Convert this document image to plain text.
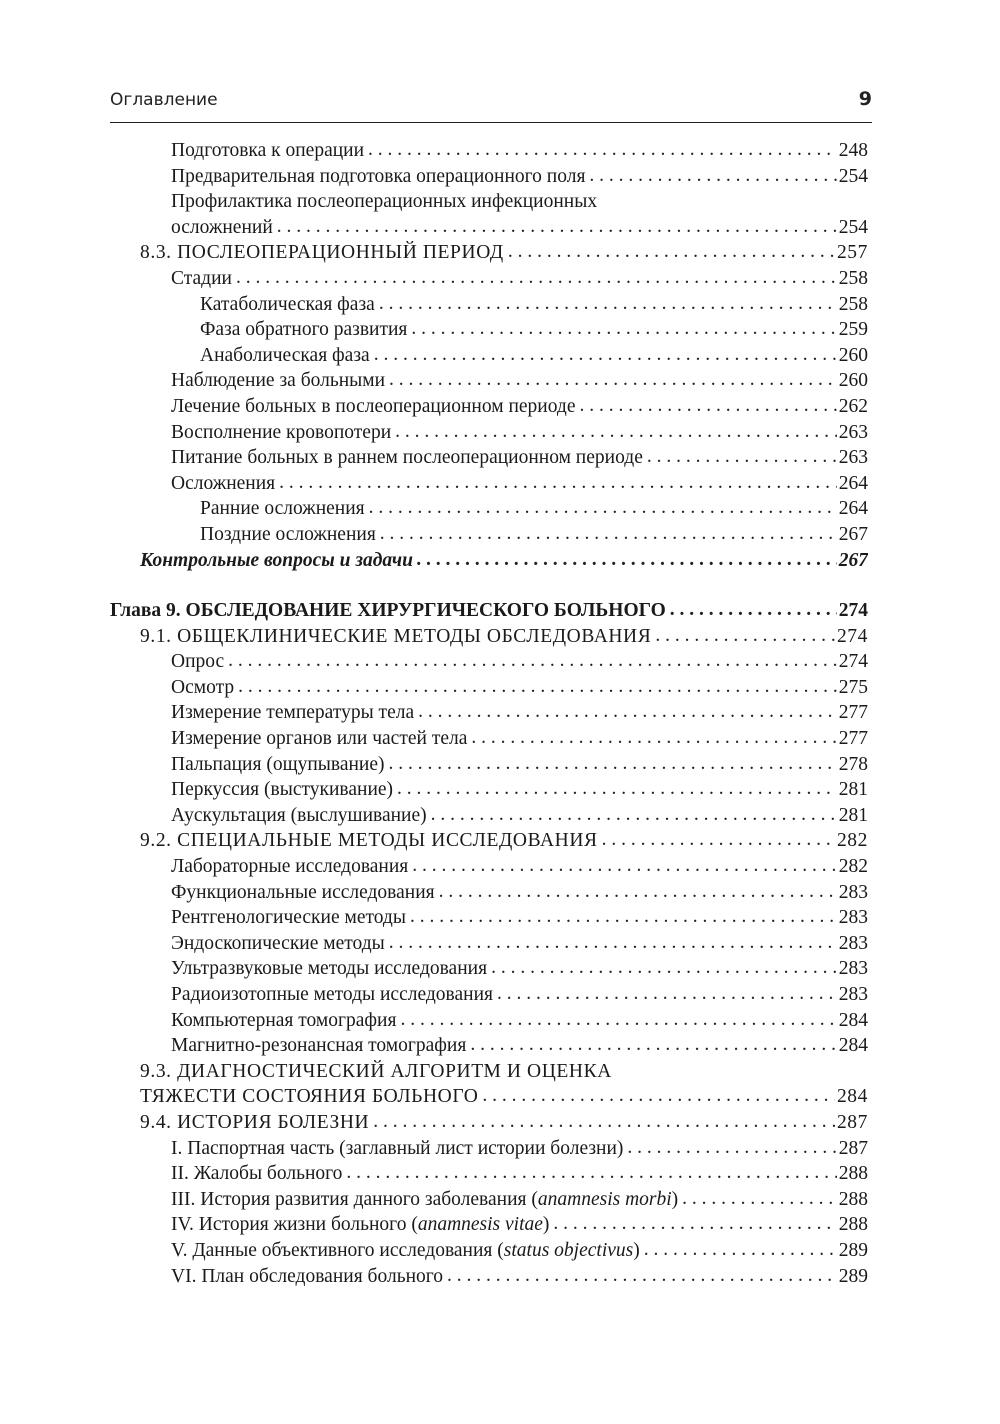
Оглавление	9
Подготовка к операции . . .	248
Предварительная подготовка операционного поля . . .	254
Профилактика послеоперационных инфекционных
осложнений . . .	254
8.3. ПОСЛЕОПЕРАЦИОННЫЙ ПЕРИОД . . .	257
Стадии . . .	258
Катаболическая фаза . . .	258
Фаза обратного развития . . .	259
Анаболическая фаза . . .	260
Наблюдение за больными . . .	260
Лечение больных в послеоперационном периоде . . .	262
Восполнение кровопотери . . .	263
Питание больных в раннем послеоперационном периоде . . .	263
Осложнения . . .	264
Ранние осложнения . . .	264
Поздние осложнения . . .	267
Контрольные вопросы и задачи . . .	267
Глава 9. ОБСЛЕДОВАНИЕ ХИРУРГИЧЕСКОГО БОЛЬНОГО . . .	274
9.1. ОБЩЕКЛИНИЧЕСКИЕ МЕТОДЫ ОБСЛЕДОВАНИЯ . . .	274
Опрос . . .	274
Осмотр . . .	275
Измерение температуры тела . . .	277
Измерение органов или частей тела . . .	277
Пальпация (ощупывание) . . .	278
Перкуссия (выстукивание) . . .	281
Аускультация (выслушивание) . . .	281
9.2. СПЕЦИАЛЬНЫЕ МЕТОДЫ ИССЛЕДОВАНИЯ . . .	282
Лабораторные исследования . . .	282
Функциональные исследования . . .	283
Рентгенологические методы . . .	283
Эндоскопические методы . . .	283
Ультразвуковые методы исследования . . .	283
Радиоизотопные методы исследования . . .	283
Компьютерная томография . . .	284
Магнитно-резонансная томография . . .	284
9.3. ДИАГНОСТИЧЕСКИЙ АЛГОРИТМ И ОЦЕНКА
ТЯЖЕСТИ СОСТОЯНИЯ БОЛЬНОГО . . .	284
9.4. ИСТОРИЯ БОЛЕЗНИ . . .	287
I. Паспортная часть (заглавный лист истории болезни) . . .	287
II. Жалобы больного . . .	288
III. История развития данного заболевания (anamnesis morbi) . . .	288
IV. История жизни больного (anamnesis vitae) . . .	288
V. Данные объективного исследования (status objectivus) . . .	289
VI. План обследования больного . . .	289
